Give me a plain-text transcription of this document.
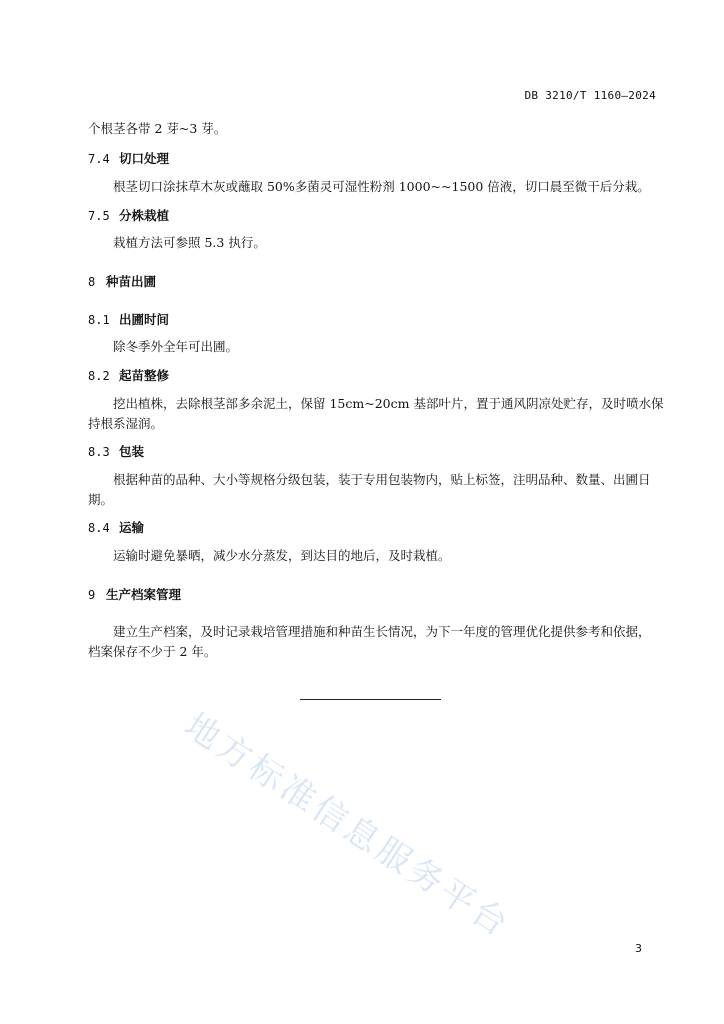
DB 3210/T 1160—2024
个根茎各带 2 芽~3 芽。
7.4 切口处理
根茎切口涂抹草木灰或蘸取 50%多菌灵可湿性粉剂 1000~~1500 倍液，切口晨至微干后分栽。
7.5 分株栽植
栽植方法可参照 5.3 执行。
8 种苗出圃
8.1 出圃时间
除冬季外全年可出圃。
8.2 起苗整修
挖出植株，去除根茎部多余泥土，保留 15cm~20cm 基部叶片，置于通风阴凉处贮存，及时喷水保
持根系湿润。
8.3 包装
根据种苗的品种、大小等规格分级包装，装于专用包装物内，贴上标签，注明品种、数量、出圃日
期。
8.4 运输
运输时避免暴晒，减少水分蒸发，到达目的地后，及时栽植。
9 生产档案管理
建立生产档案，及时记录栽培管理措施和种苗生长情况，为下一年度的管理优化提供参考和依据，
档案保存不少于 2 年。
地方标准信息服务平台
3
